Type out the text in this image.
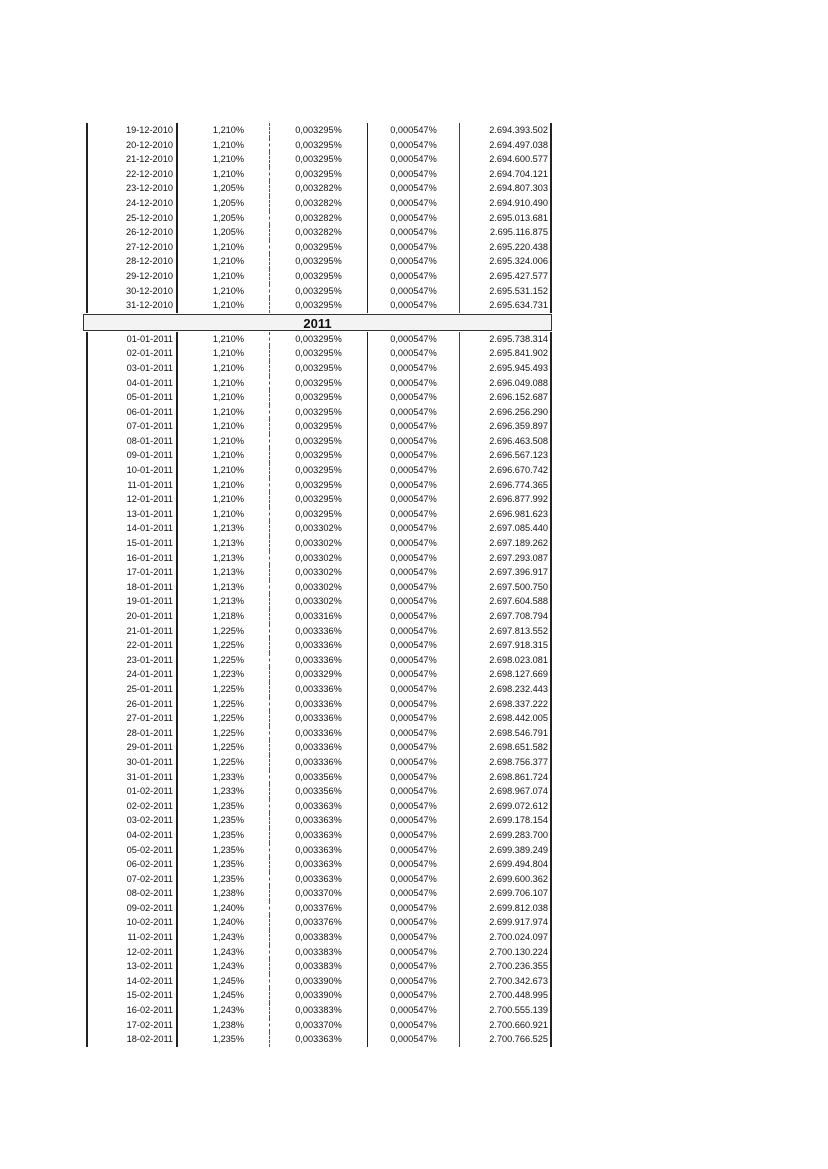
19-12-2010	1,210%	0,003295%	0,000547%	2.694.393.502
20-12-2010	1,210%	0,003295%	0,000547%	2.694.497.038
21-12-2010	1,210%	0,003295%	0,000547%	2.694.600.577
22-12-2010	1,210%	0,003295%	0,000547%	2.694.704.121
23-12-2010	1,205%	0,003282%	0,000547%	2.694.807.303
24-12-2010	1,205%	0,003282%	0,000547%	2.694.910.490
25-12-2010	1,205%	0,003282%	0,000547%	2.695.013.681
26-12-2010	1,205%	0,003282%	0,000547%	2.695.116.875
27-12-2010	1,210%	0,003295%	0,000547%	2.695.220.438
28-12-2010	1,210%	0,003295%	0,000547%	2.695.324.006
29-12-2010	1,210%	0,003295%	0,000547%	2.695.427.577
30-12-2010	1,210%	0,003295%	0,000547%	2.695.531.152
31-12-2010	1,210%	0,003295%	0,000547%	2.695.634.731
2011
01-01-2011	1,210%	0,003295%	0,000547%	2.695.738.314
02-01-2011	1,210%	0,003295%	0,000547%	2.695.841.902
03-01-2011	1,210%	0,003295%	0,000547%	2.695.945.493
04-01-2011	1,210%	0,003295%	0,000547%	2.696.049.088
05-01-2011	1,210%	0,003295%	0,000547%	2.696.152.687
06-01-2011	1,210%	0,003295%	0,000547%	2.696.256.290
07-01-2011	1,210%	0,003295%	0,000547%	2.696.359.897
08-01-2011	1,210%	0,003295%	0,000547%	2.696.463.508
09-01-2011	1,210%	0,003295%	0,000547%	2.696.567.123
10-01-2011	1,210%	0,003295%	0,000547%	2.696.670.742
11-01-2011	1,210%	0,003295%	0,000547%	2.696.774.365
12-01-2011	1,210%	0,003295%	0,000547%	2.696.877.992
13-01-2011	1,210%	0,003295%	0,000547%	2.696.981.623
14-01-2011	1,213%	0,003302%	0,000547%	2.697.085.440
15-01-2011	1,213%	0,003302%	0,000547%	2.697.189.262
16-01-2011	1,213%	0,003302%	0,000547%	2.697.293.087
17-01-2011	1,213%	0,003302%	0,000547%	2.697.396.917
18-01-2011	1,213%	0,003302%	0,000547%	2.697.500.750
19-01-2011	1,213%	0,003302%	0,000547%	2.697.604.588
20-01-2011	1,218%	0,003316%	0,000547%	2.697.708.794
21-01-2011	1,225%	0,003336%	0,000547%	2.697.813.552
22-01-2011	1,225%	0,003336%	0,000547%	2.697.918.315
23-01-2011	1,225%	0,003336%	0,000547%	2.698.023.081
24-01-2011	1,223%	0,003329%	0,000547%	2.698.127.669
25-01-2011	1,225%	0,003336%	0,000547%	2.698.232.443
26-01-2011	1,225%	0,003336%	0,000547%	2.698.337.222
27-01-2011	1,225%	0,003336%	0,000547%	2.698.442.005
28-01-2011	1,225%	0,003336%	0,000547%	2.698.546.791
29-01-2011	1,225%	0,003336%	0,000547%	2.698.651.582
30-01-2011	1,225%	0,003336%	0,000547%	2.698.756.377
31-01-2011	1,233%	0,003356%	0,000547%	2.698.861.724
01-02-2011	1,233%	0,003356%	0,000547%	2.698.967.074
02-02-2011	1,235%	0,003363%	0,000547%	2.699.072.612
03-02-2011	1,235%	0,003363%	0,000547%	2.699.178.154
04-02-2011	1,235%	0,003363%	0,000547%	2.699.283.700
05-02-2011	1,235%	0,003363%	0,000547%	2.699.389.249
06-02-2011	1,235%	0,003363%	0,000547%	2.699.494.804
07-02-2011	1,235%	0,003363%	0,000547%	2.699.600.362
08-02-2011	1,238%	0,003370%	0,000547%	2.699.706.107
09-02-2011	1,240%	0,003376%	0,000547%	2.699.812.038
10-02-2011	1,240%	0,003376%	0,000547%	2.699.917.974
11-02-2011	1,243%	0,003383%	0,000547%	2.700.024.097
12-02-2011	1,243%	0,003383%	0,000547%	2.700.130.224
13-02-2011	1,243%	0,003383%	0,000547%	2.700.236.355
14-02-2011	1,245%	0,003390%	0,000547%	2.700.342.673
15-02-2011	1,245%	0,003390%	0,000547%	2.700.448.995
16-02-2011	1,243%	0,003383%	0,000547%	2.700.555.139
17-02-2011	1,238%	0,003370%	0,000547%	2.700.660.921
18-02-2011	1,235%	0,003363%	0,000547%	2.700.766.525
